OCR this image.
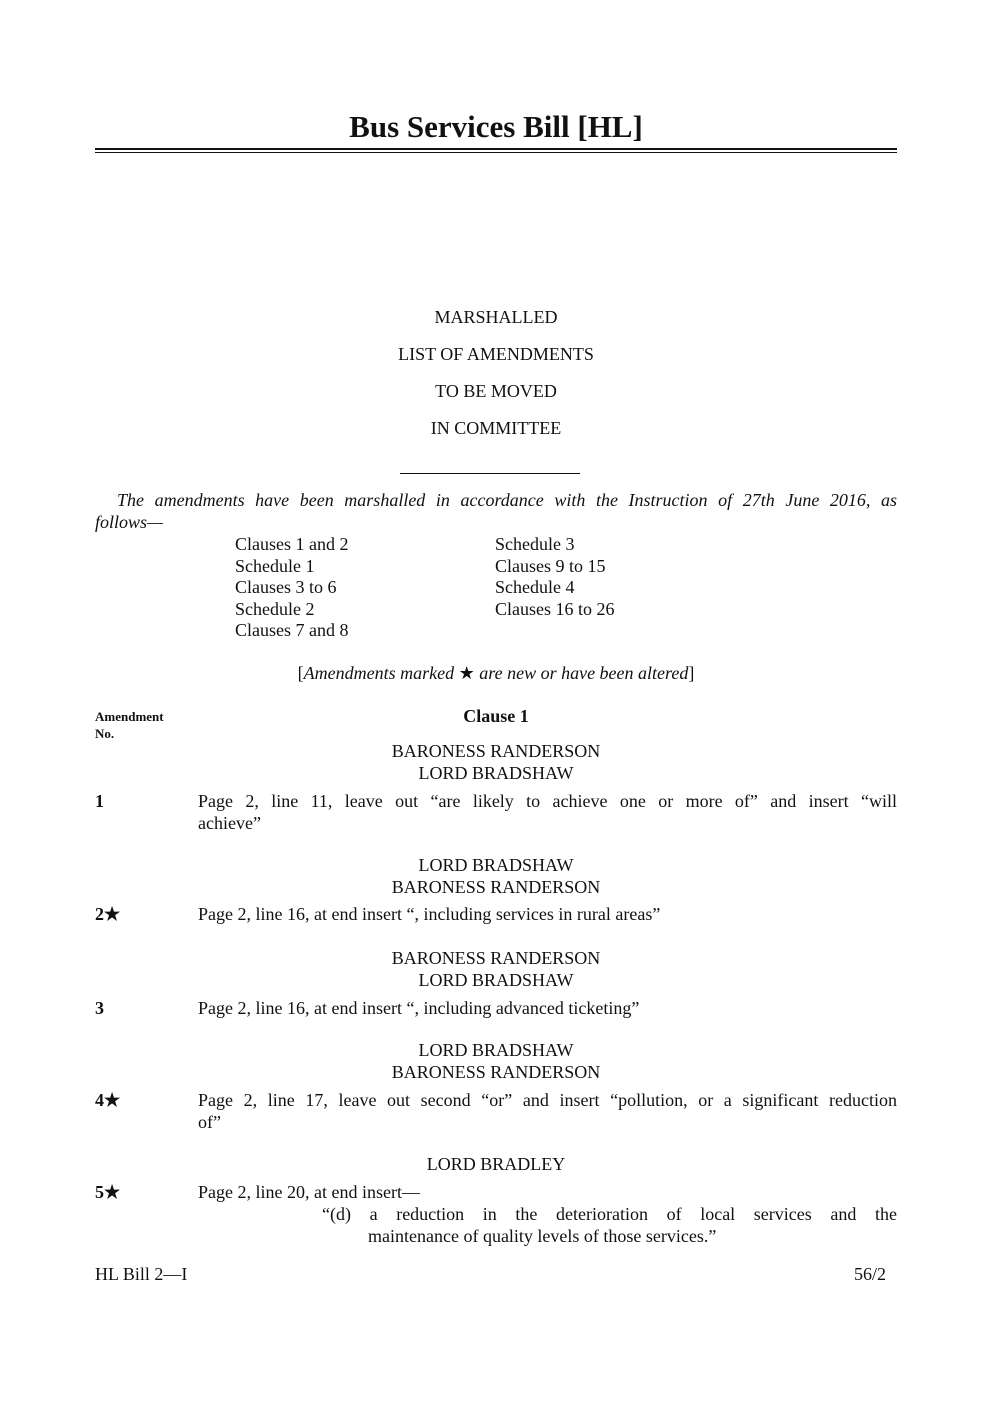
Bus Services Bill [HL]
MARSHALLED
LIST OF AMENDMENTS
TO BE MOVED
IN COMMITTEE
The amendments have been marshalled in accordance with the Instruction of 27th June 2016, as
follows—
Clauses 1 and 2
Schedule 1
Clauses 3 to 6
Schedule 2
Clauses 7 and 8
Schedule 3
Clauses 9 to 15
Schedule 4
Clauses 16 to 26
[Amendments marked ★ are new or have been altered]
Amendment
No.
Clause 1
BARONESS RANDERSON
LORD BRADSHAW
1	Page 2, line 11, leave out “are likely to achieve one or more of” and insert “will
achieve”
LORD BRADSHAW
BARONESS RANDERSON
2★	Page 2, line 16, at end insert “, including services in rural areas”
BARONESS RANDERSON
LORD BRADSHAW
3	Page 2, line 16, at end insert “, including advanced ticketing”
LORD BRADSHAW
BARONESS RANDERSON
4★	Page 2, line 17, leave out second “or” and insert “pollution, or a significant reduction
of”
LORD BRADLEY
5★	Page 2, line 20, at end insert—
“(d) a reduction in the deterioration of local services and the
maintenance of quality levels of those services.”
HL Bill 2—I	56/2
